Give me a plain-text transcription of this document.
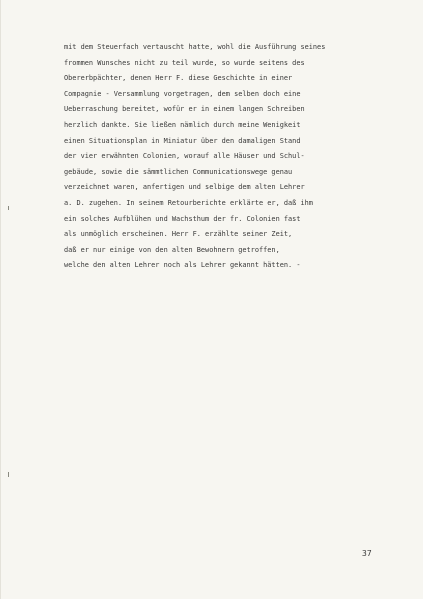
mit dem Steuerfach vertauscht hatte, wohl die Ausführung seines
frommen Wunsches nicht zu teil wurde, so wurde seitens des
Obererbpächter, denen Herr F. diese Geschichte in einer
Compagnie - Versammlung vorgetragen, dem selben doch eine
Ueberraschung bereitet, wofür er in einem langen Schreiben
herzlich dankte. Sie ließen nämlich durch meine Wenigkeit
einen Situationsplan in Miniatur über den damaligen Stand
der vier erwähnten Colonien, worauf alle Häuser und Schul-
gebäude, sowie die sämmtlichen Communicationswege genau
verzeichnet waren, anfertigen und selbige dem alten Lehrer
a. D. zugehen. In seinem Retourberichte erklärte er, daß ihm
ein solches Aufblühen und Wachsthum der fr. Colonien fast
als unmöglich erscheinen. Herr F. erzählte seiner Zeit,
daß er nur einige von den alten Bewohnern getroffen,
welche den alten Lehrer noch als Lehrer gekannt hätten. -
37
